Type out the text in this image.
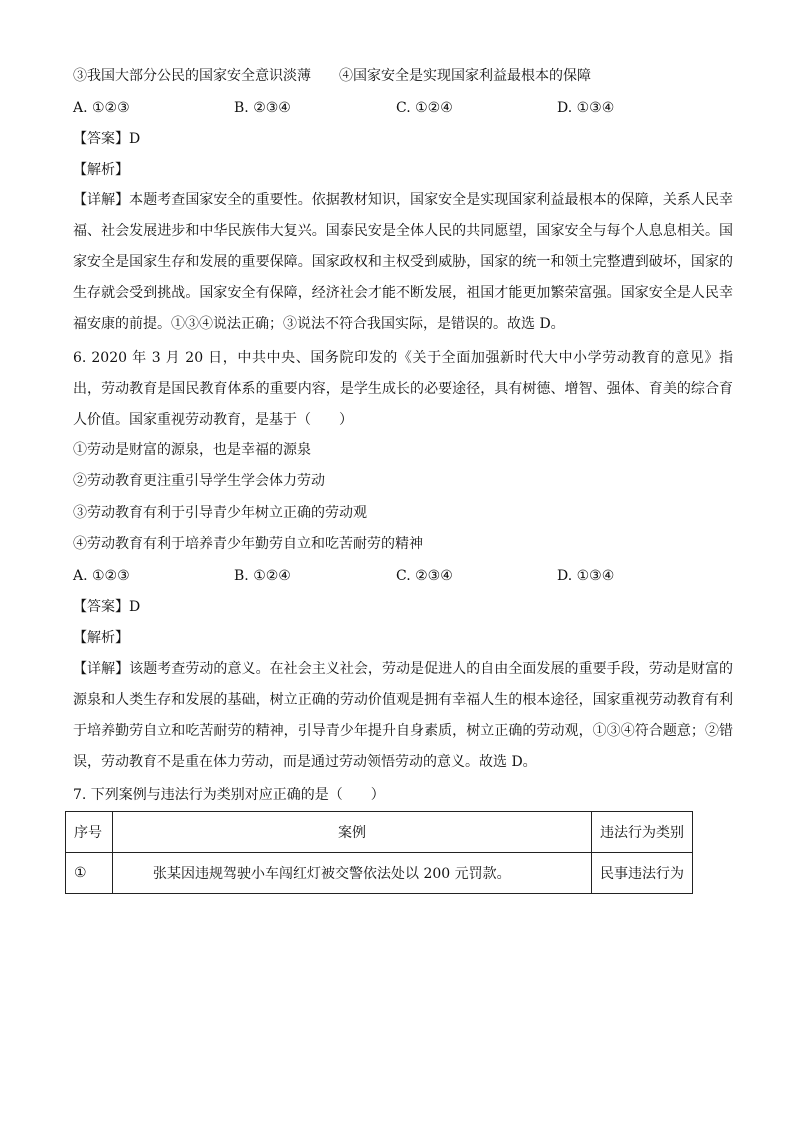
③我国大部分公民的国家安全意识淡薄　　④国家安全是实现国家利益最根本的保障
A. ①②③	B. ②③④	C. ①②④	D. ①③④
【答案】D
【解析】
【详解】本题考查国家安全的重要性。依据教材知识，国家安全是实现国家利益最根本的保障，关系人民幸福、社会发展进步和中华民族伟大复兴。国泰民安是全体人民的共同愿望，国家安全与每个人息息相关。国家安全是国家生存和发展的重要保障。国家政权和主权受到威胁，国家的统一和领土完整遭到破坏，国家的生存就会受到挑战。国家安全有保障，经济社会才能不断发展，祖国才能更加繁荣富强。国家安全是人民幸福安康的前提。①③④说法正确；③说法不符合我国实际，是错误的。故选 D。
6. 2020 年 3 月 20 日，中共中央、国务院印发的《关于全面加强新时代大中小学劳动教育的意见》指出，劳动教育是国民教育体系的重要内容，是学生成长的必要途径，具有树德、增智、强体、育美的综合育人价值。国家重视劳动教育，是基于（　　）
①劳动是财富的源泉，也是幸福的源泉
②劳动教育更注重引导学生学会体力劳动
③劳动教育有利于引导青少年树立正确的劳动观
④劳动教育有利于培养青少年勤劳自立和吃苦耐劳的精神
A. ①②③	B. ①②④	C. ②③④	D. ①③④
【答案】D
【解析】
【详解】该题考查劳动的意义。在社会主义社会，劳动是促进人的自由全面发展的重要手段，劳动是财富的源泉和人类生存和发展的基础，树立正确的劳动价值观是拥有幸福人生的根本途径，国家重视劳动教育有利于培养勤劳自立和吃苦耐劳的精神，引导青少年提升自身素质，树立正确的劳动观，①③④符合题意；②错误，劳动教育不是重在体力劳动，而是通过劳动领悟劳动的意义。故选 D。
7. 下列案例与违法行为类别对应正确的是（　　）
序号	案例	违法行为类别
①	张某因违规驾驶小车闯红灯被交警依法处以 200 元罚款。	民事违法行为
